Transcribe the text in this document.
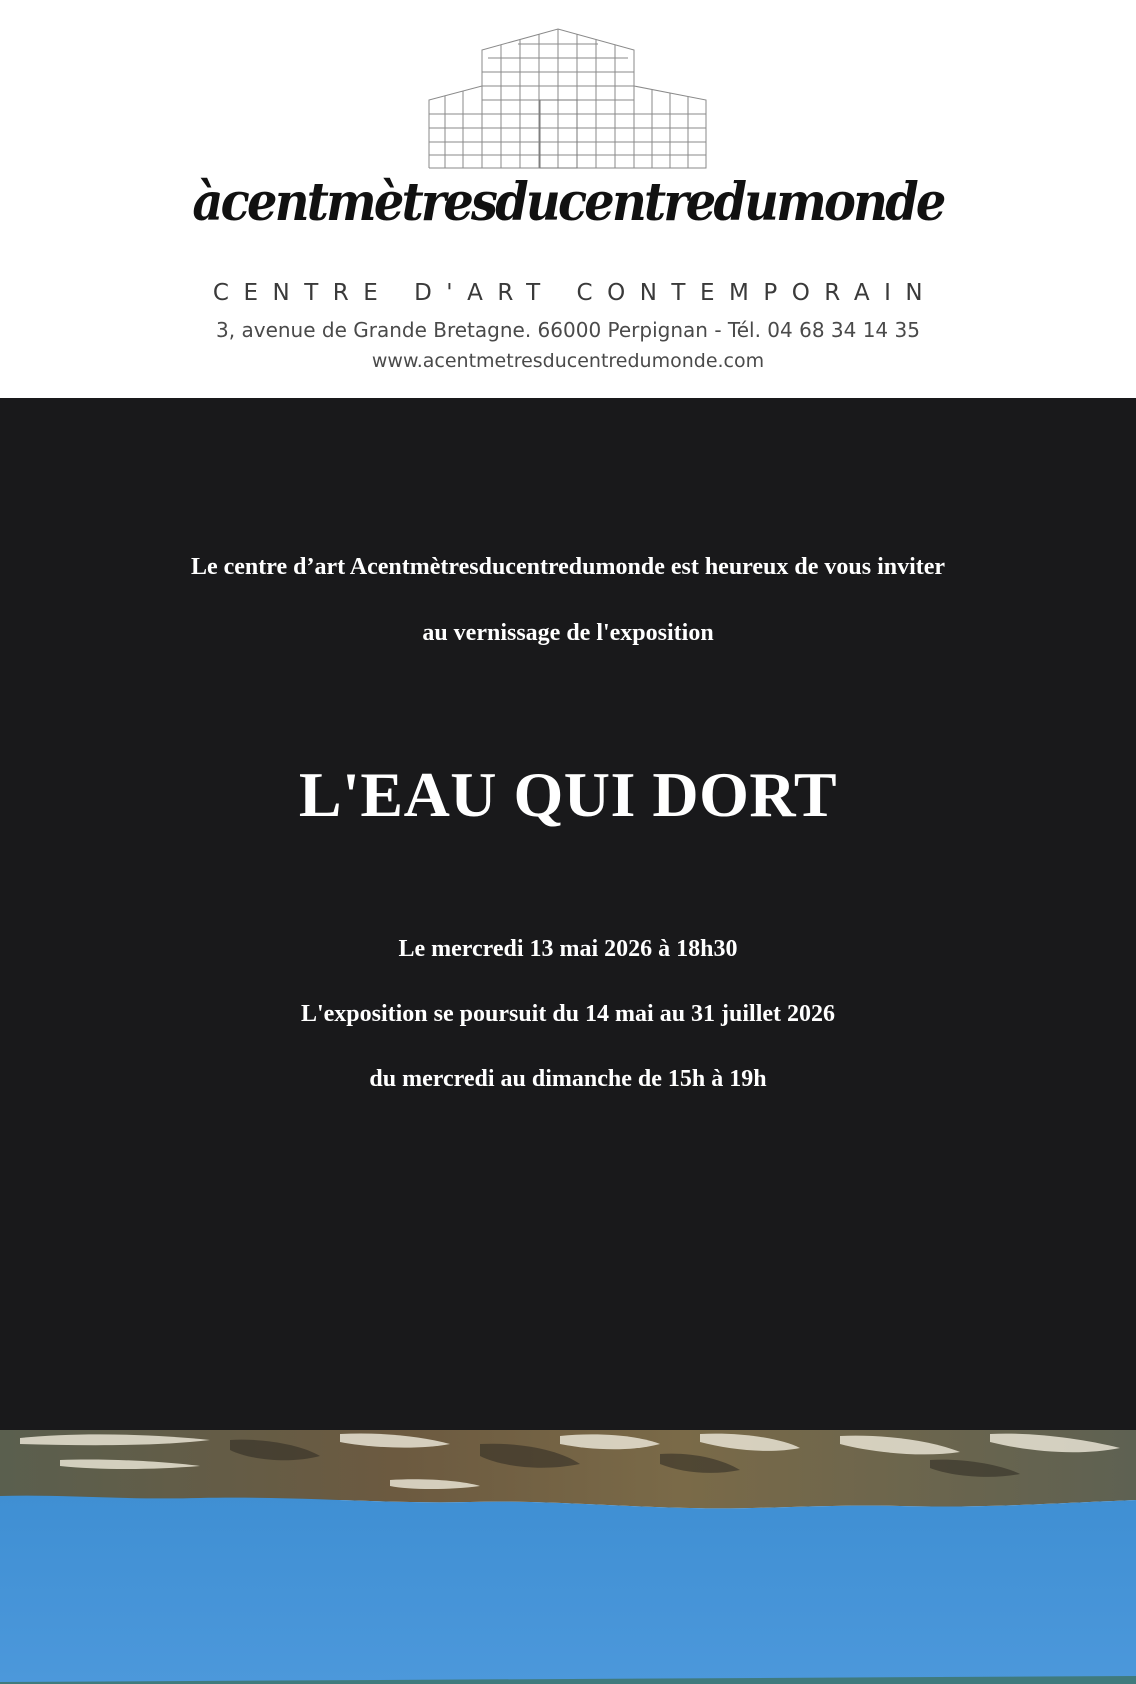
àcentmètresducentredumonde
CENTRE D'ART CONTEMPORAIN
3, avenue de Grande Bretagne. 66000 Perpignan - Tél. 04 68 34 14 35
www.acentmetresducentredumonde.com
Le centre d’art Acentmètresducentredumonde est heureux de vous inviter
au vernissage de l'exposition
L'EAU QUI DORT
Le mercredi 13 mai 2026 à 18h30
L'exposition se poursuit du 14 mai au 31 juillet 2026
du mercredi au dimanche de 15h à 19h
